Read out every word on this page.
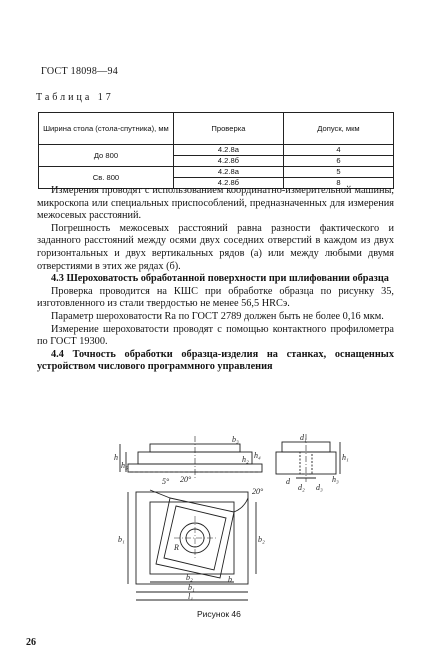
ГОСТ 18098—94
Таблица 17
Ширина стола (стола-спутника), мм	Проверка	Допуск, мкм
До 800	4.2.8а	4
	4.2.8б	6
Св. 800	4.2.8а	5
	4.2.8б	8

Измерения проводят с использованием координатно-измерительной машины, микроскопа или специальных приспособлений, предназначенных для измерения межосевых расстояний.

Погрешность межосевых расстояний равна разности фактического и заданного расстояний между осями двух соседних отверстий в каждом из двух горизонтальных и двух вертикальных рядов (а) или между любыми двумя отверстиями в этих же рядах (б).

4.3 Шероховатость обработанной поверхности при шлифовании образца

Проверка проводится на КШС при обработке образца по рисунку 35, изготовленного из стали твердостью не менее 56,5 HRCэ.

Параметр шероховатости Ra по ГОСТ 2789 должен быть не более 0,16 мкм.

Измерение шероховатости проводят с помощью контактного профилометра по ГОСТ 19300.

4.4 Точность обработки образца-изделия на станках, оснащенных устройством числового программного управления

h
h₅
h₂ h₄
b₃
5° 20°
20°
d₁
h₁
h₃
d₂ d₃
d
b₁	b₂
b₂
b₁
l₁
R
b
Рисунок 46
26
